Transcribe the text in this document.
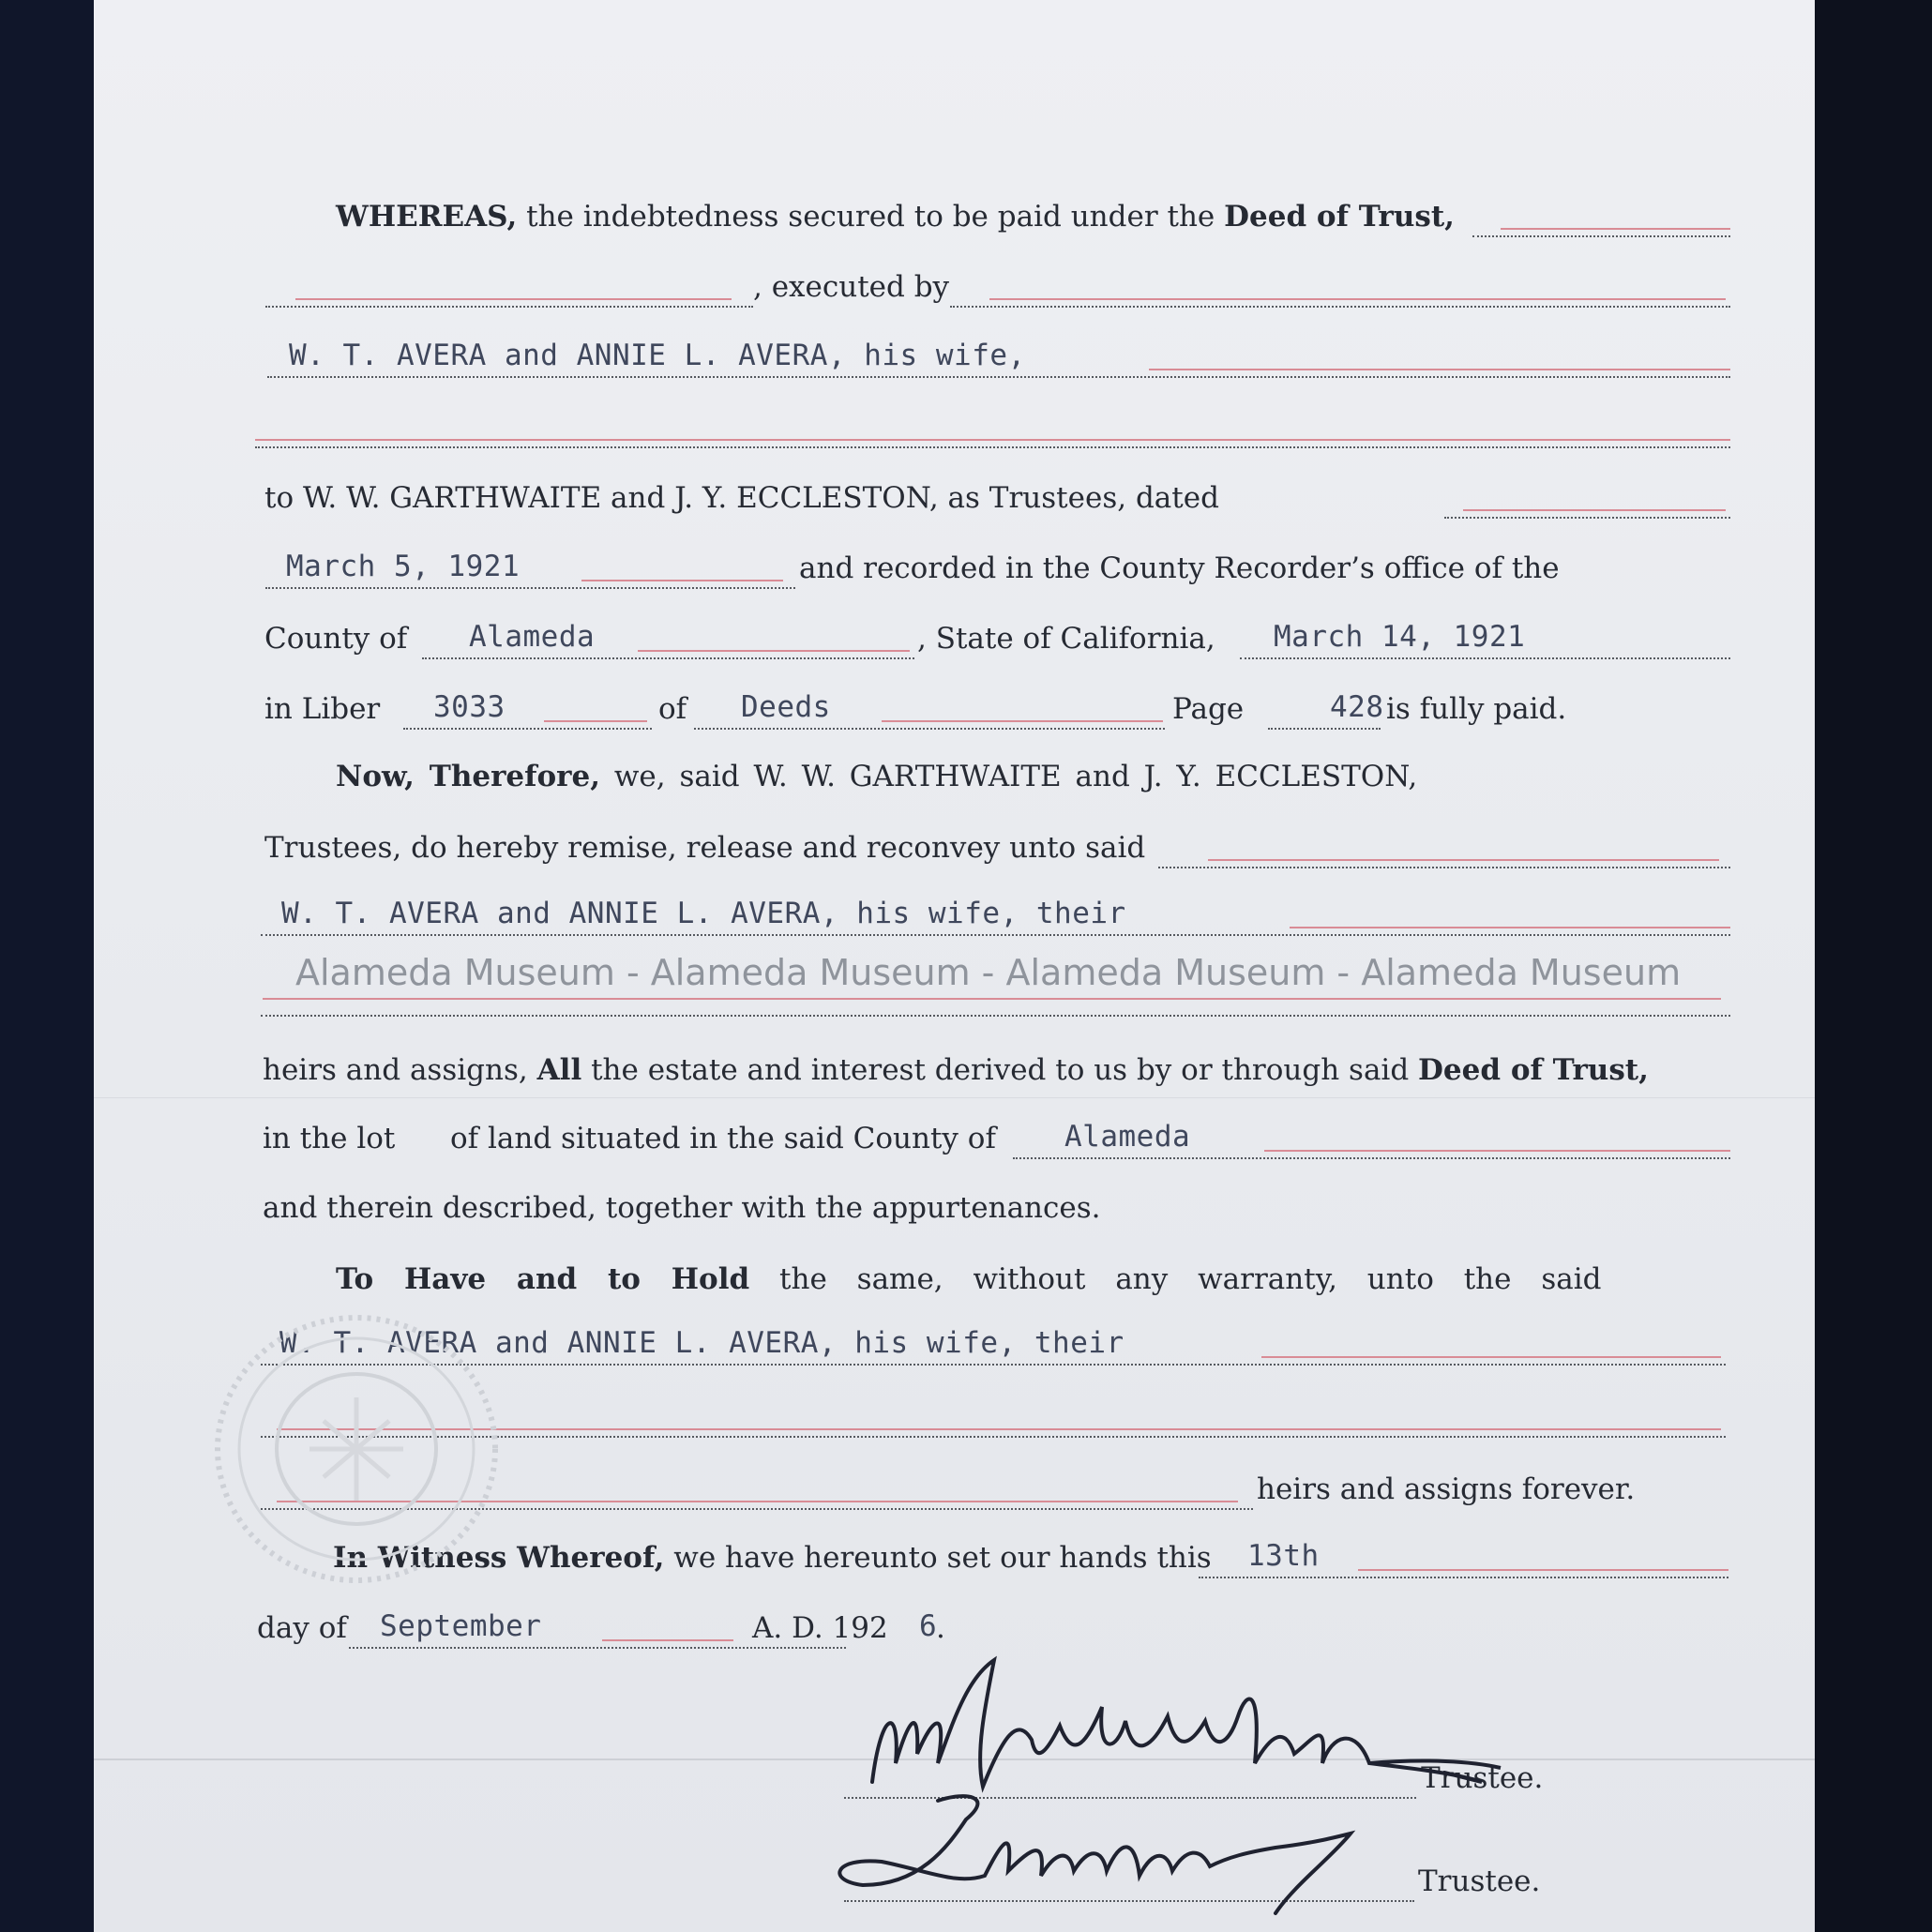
WHEREAS, the indebtedness secured to be paid under the Deed of Trust,
, executed by
W. T. AVERA and ANNIE L. AVERA, his wife,
to W. W. GARTHWAITE and J. Y. ECCLESTON, as Trustees, dated
March 5, 1921	and recorded in the County Recorder’s office of the
County of Alameda	, State of California, March 14, 1921
in Liber 3033	of Deeds	Page	428 is fully paid.
Now, Therefore, we, said W. W. GARTHWAITE and J. Y. ECCLESTON,
Trustees, do hereby remise, release and reconvey unto said
W. T. AVERA and ANNIE L. AVERA, his wife, their
Alameda Museum - Alameda Museum - Alameda Museum - Alameda Museum
heirs and assigns, All the estate and interest derived to us by or through said Deed of Trust,
in the lot of land situated in the said County of Alameda
and therein described, together with the appurtenances.
To Have and to Hold the same, without any warranty, unto the said
W. T. AVERA and ANNIE L. AVERA, his wife, their
heirs and assigns forever.
In Witness Whereof, we have hereunto set our hands this 13th
day of September	A. D. 192 6
.
Trustee.
Trustee.
